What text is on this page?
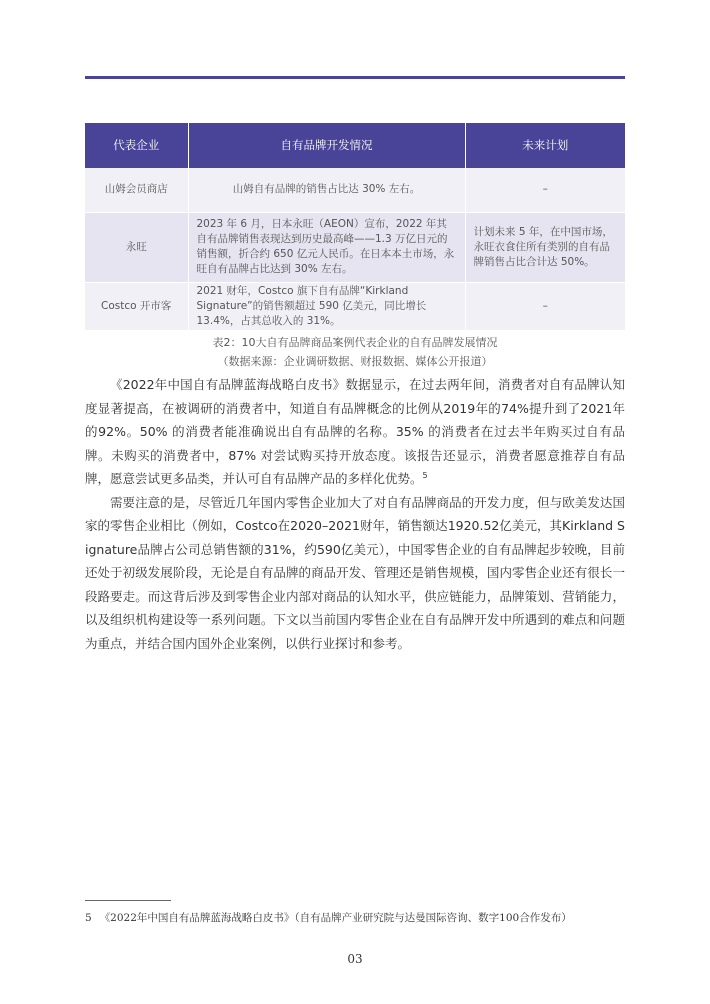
代表企业	自有品牌开发情况	未来计划
山姆会员商店	山姆自有品牌的销售占比达 30% 左右。	–
永旺	2023 年 6 月，日本永旺（AEON）宣布，2022 年其自有品牌销售表现达到历史最高峰——1.3 万亿日元的销售额，折合约 650 亿元人民币。在日本本土市场，永旺自有品牌占比达到 30% 左右。	计划未来 5 年，在中国市场，永旺衣食住所有类别的自有品牌销售占比合计达 50%。
Costco 开市客	2021 财年，Costco 旗下自有品牌“Kirkland Signature”的销售额超过 590 亿美元，同比增长 13.4%，占其总收入的 31%。	–
表2：10大自有品牌商品案例代表企业的自有品牌发展情况
（数据来源：企业调研数据、财报数据、媒体公开报道）

《2022年中国自有品牌蓝海战略白皮书》数据显示，在过去两年间，消费者对自有品牌认知度显著提高，在被调研的消费者中，知道自有品牌概念的比例从2019年的74%提升到了2021年的92%。50% 的消费者能准确说出自有品牌的名称。35% 的消费者在过去半年购买过自有品牌。未购买的消费者中，87% 对尝试购买持开放态度。该报告还显示，消费者愿意推荐自有品牌，愿意尝试更多品类，并认可自有品牌产品的多样化优势。$^5$

需要注意的是，尽管近几年国内零售企业加大了对自有品牌商品的开发力度，但与欧美发达国家的零售企业相比（例如，Costco在2020–2021财年，销售额达1920.52亿美元，其Kirkland Signature品牌占公司总销售额的31%，约590亿美元），中国零售企业的自有品牌起步较晚，目前还处于初级发展阶段，无论是自有品牌的商品开发、管理还是销售规模，国内零售企业还有很长一段路要走。而这背后涉及到零售企业内部对商品的认知水平，供应链能力，品牌策划、营销能力，以及组织机构建设等一系列问题。下文以当前国内零售企业在自有品牌开发中所遇到的难点和问题为重点，并结合国内国外企业案例，以供行业探讨和参考。

5 《2022年中国自有品牌蓝海战略白皮书》（自有品牌产业研究院与达曼国际咨询、数字100合作发布）
03
